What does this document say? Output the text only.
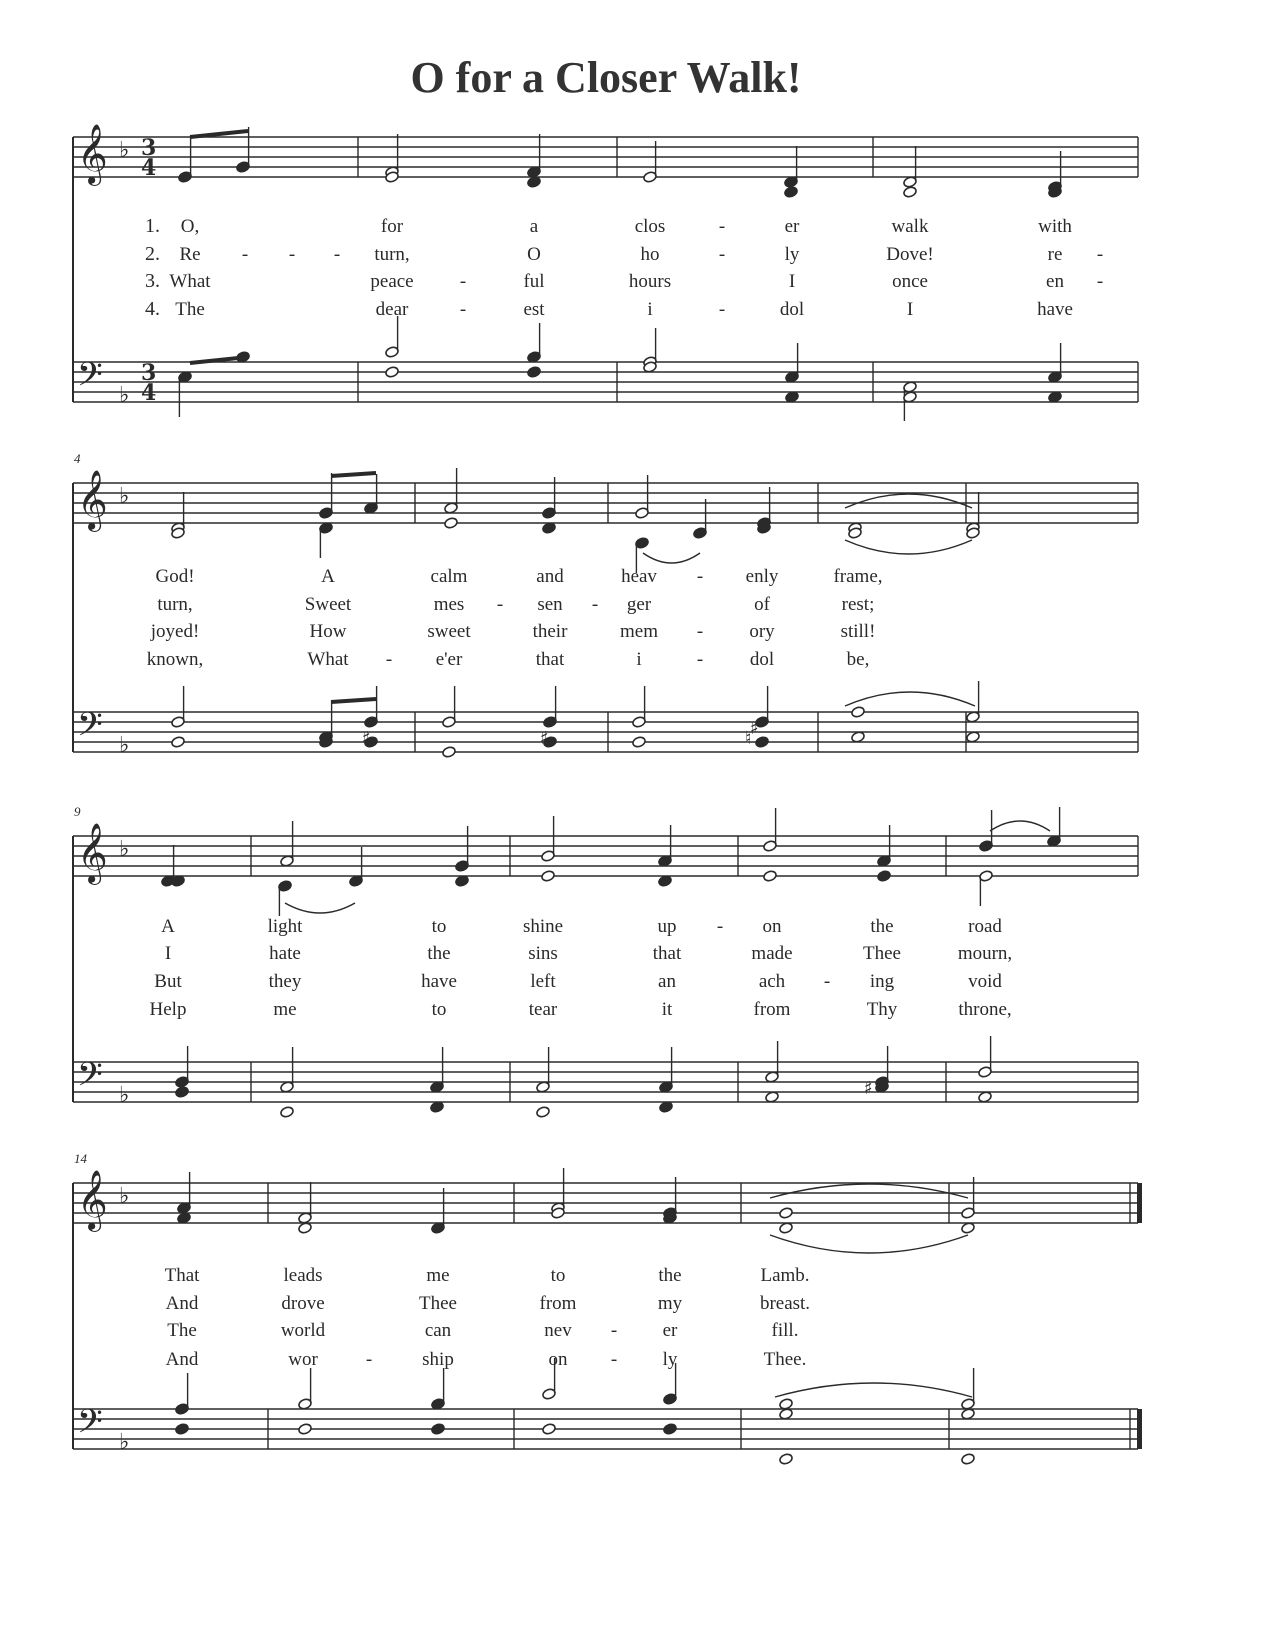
O for a Closer Walk!
𝄞
𝄢
♭
♭
3
3
4
4
𝄞
𝄢
♭
♭
𝄞
𝄢
♭
♭
𝄞
𝄢
♭
♭
♯	♯	♮
♯
♯
1.
2.
3.
4.
O,
Re
What
The
- - -
for
turn,
peace
dear
-
-
a
O
ful
est
clos
ho
hours
i
-
-
-
er
ly
I
dol
walk
Dove!
once
I
with
re
en
have
-
-
4
God!
turn,
joyed!
known,
A
Sweet
How
What -
calm
mes
sweet
e'er
-
and
sen
their
that
-
heav
ger
mem
i
-
-
-
enly
of
ory
dol
frame,
rest;
still!
be,
9
A
I
But
Help
light
hate
they
me
to
the
have
to
shine
sins
left
tear
up
that
an
it
- on
made
ach
from
-
the
Thee
ing
Thy
road
mourn,
void
throne,
14
That
And
The
And
leads
drove
world
wor	-
me
Thee
can
ship
to
from
nev
on
-
-
the
my
er
ly
Lamb.
breast.
fill.
Thee.
